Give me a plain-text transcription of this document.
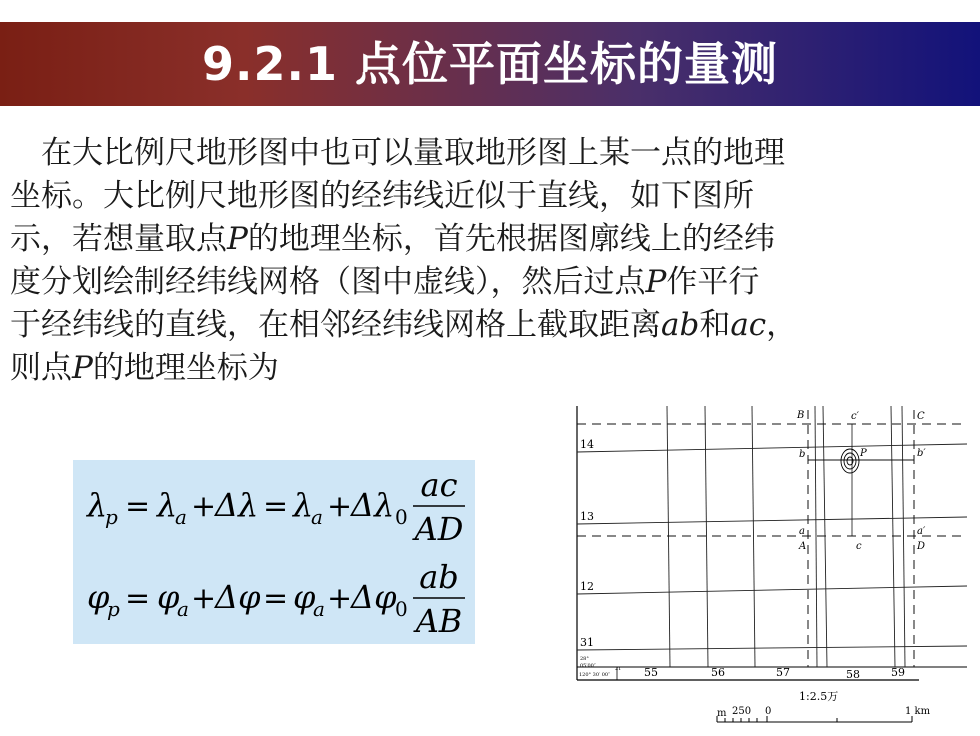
9.2.1 点位平面坐标的量测
　在大比例尺地形图中也可以量取地形图上某一点的地理
坐标。大比例尺地形图的经纬线近似于直线，如下图所
示，若想量取点P的地理坐标，首先根据图廓线上的经纬
度分划绘制经纬线网格（图中虚线），然后过点P作平行
于经纬线的直线，在相邻经纬线网格上截取距离ab和ac，
则点P的地理坐标为
λ
p = λ
a +
Δλ = λ
a +
Δλ 0
ac
AD
φ
p = φ
a +
Δφ = φ
a +
Δφ
0
ab
AB
B	c′	C
b	P	b′
a	a′
A	c	D
14
13
12
31
28°
05′00″
120° 30′ 00″
21 55	56	57	58	59
1:2.5万
m 250 0	1 km
